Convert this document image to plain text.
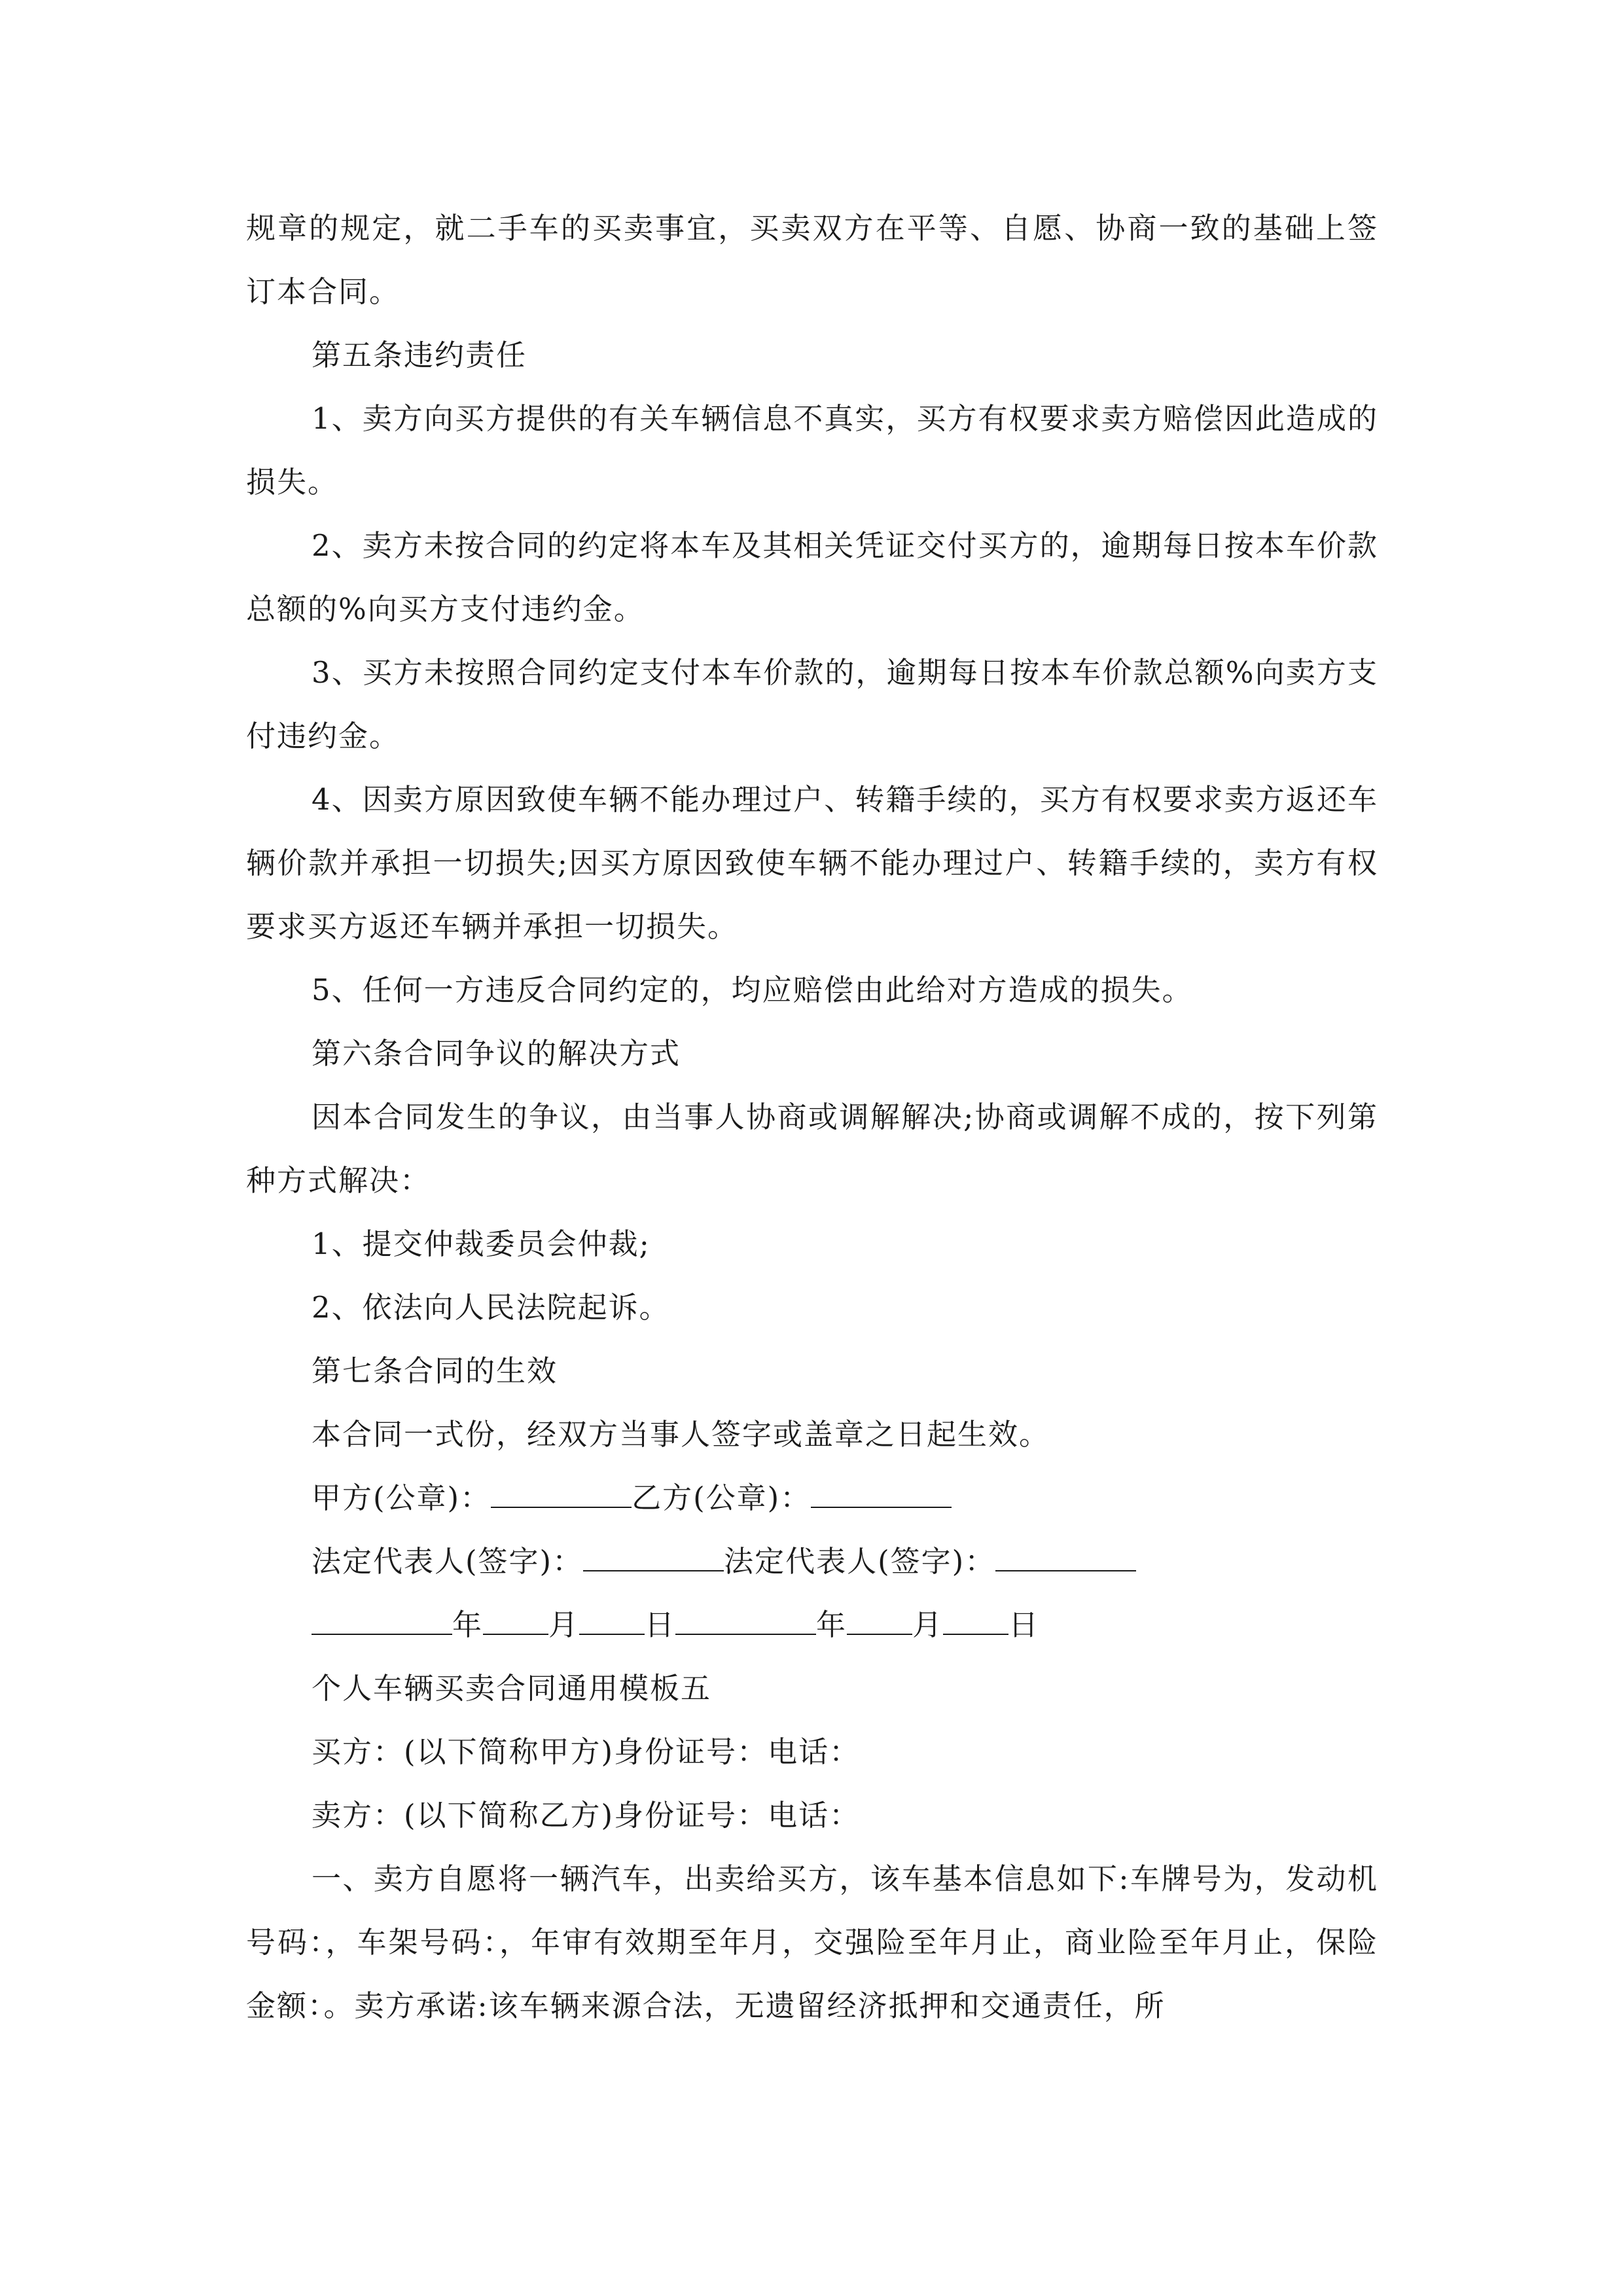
规章的规定，就二手车的买卖事宜，买卖双方在平等、自愿、协商一致的基础上签订本合同。

第五条违约责任

1、卖方向买方提供的有关车辆信息不真实，买方有权要求卖方赔偿因此造成的损失。

2、卖方未按合同的约定将本车及其相关凭证交付买方的，逾期每日按本车价款总额的%向买方支付违约金。

3、买方未按照合同约定支付本车价款的，逾期每日按本车价款总额%向卖方支付违约金。

4、因卖方原因致使车辆不能办理过户、转籍手续的，买方有权要求卖方返还车辆价款并承担一切损失;因买方原因致使车辆不能办理过户、转籍手续的，卖方有权要求买方返还车辆并承担一切损失。

5、任何一方违反合同约定的，均应赔偿由此给对方造成的损失。

第六条合同争议的解决方式

因本合同发生的争议，由当事人协商或调解解决;协商或调解不成的，按下列第种方式解决：

1、提交仲裁委员会仲裁;

2、依法向人民法院起诉。

第七条合同的生效

本合同一式份，经双方当事人签字或盖章之日起生效。

甲方(公章)：	乙方(公章)：
法定代表人(签字)：	法定代表人(签字)：
年 月 日	年 月 日

个人车辆买卖合同通用模板五

买方：(以下简称甲方)身份证号：电话：

卖方：(以下简称乙方)身份证号：电话：

一、卖方自愿将一辆汽车，出卖给买方，该车基本信息如下:车牌号为，发动机号码：，车架号码：，年审有效期至年月，交强险至年月止，商业险至年月止，保险金额：。卖方承诺:该车辆来源合法，无遗留经济抵押和交通责任，所
